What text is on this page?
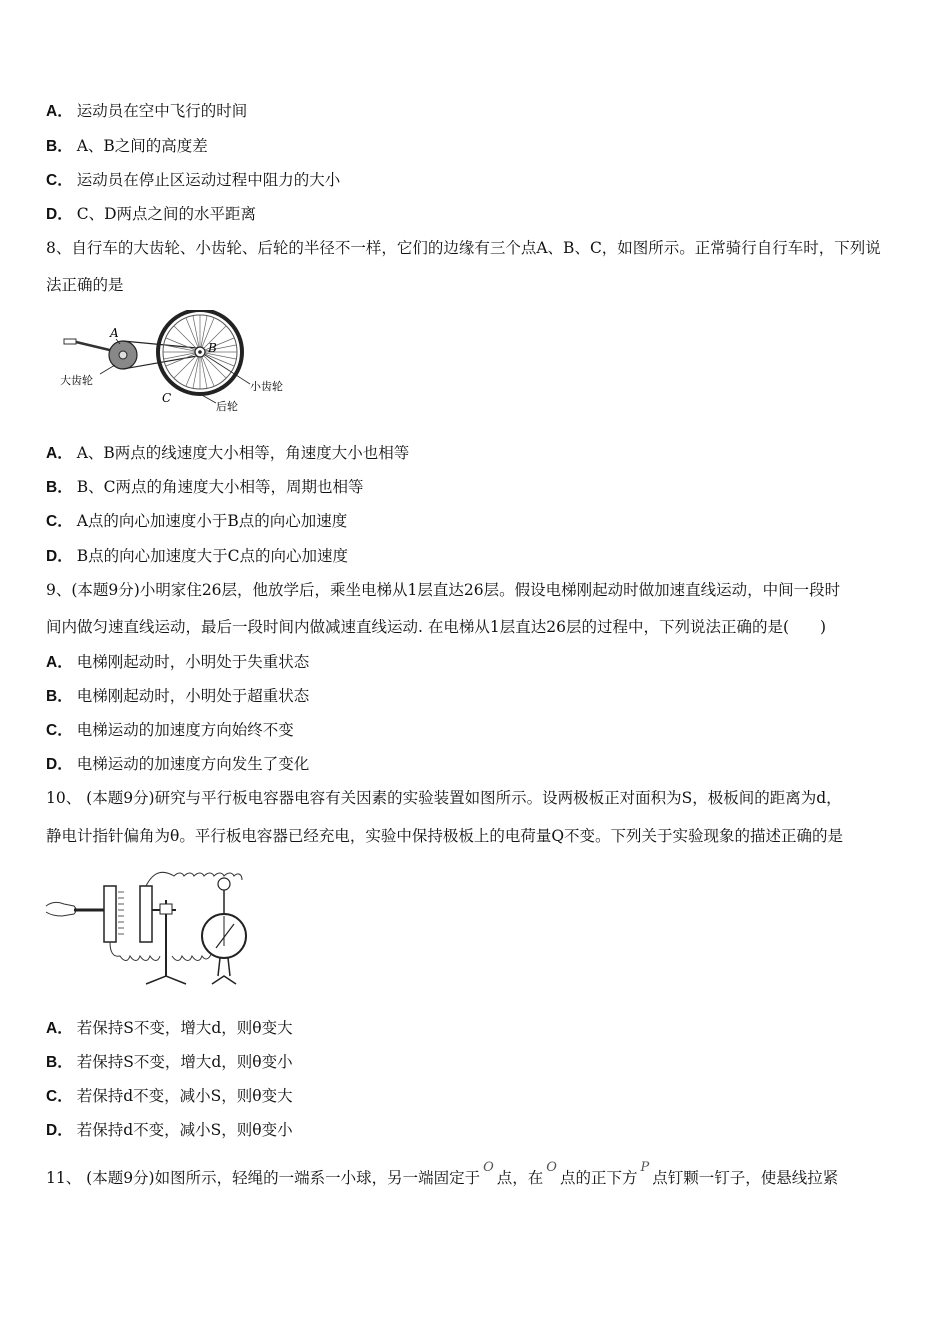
A． 运动员在空中飞行的时间
B． A、B之间的高度差
C． 运动员在停止区运动过程中阻力的大小
D． C、D两点之间的水平距离
8、自行车的大齿轮、小齿轮、后轮的半径不一样，它们的边缘有三个点A、B、C，如图所示。正常骑行自行车时，下列说
法正确的是
A
B
C
大齿轮	小齿轮
后轮
A． A、B两点的线速度大小相等，角速度大小也相等
B． B、C两点的角速度大小相等，周期也相等
C． A点的向心加速度小于B点的向心加速度
D． B点的向心加速度大于C点的向心加速度
9、(本题9分)小明家住26层，他放学后，乘坐电梯从1层直达26层。假设电梯刚起动时做加速直线运动，中间一段时
间内做匀速直线运动，最后一段时间内做减速直线运动. 在电梯从1层直达26层的过程中，下列说法正确的是(　　)
A． 电梯刚起动时，小明处于失重状态
B． 电梯刚起动时，小明处于超重状态
C． 电梯运动的加速度方向始终不变
D． 电梯运动的加速度方向发生了变化
10、 (本题9分)研究与平行板电容器电容有关因素的实验装置如图所示。设两极板正对面积为S，极板间的距离为d，
静电计指针偏角为θ。平行板电容器已经充电，实验中保持极板上的电荷量Q不变。下列关于实验现象的描述正确的是
A． 若保持S不变，增大d，则θ变大
B． 若保持S不变，增大d，则θ变小
C． 若保持d不变，减小S，则θ变大
D． 若保持d不变，减小S，则θ变小
11、 (本题9分)如图所示，轻绳的一端系一小球，另一端固定于$^O$点，在$^O$点的正下方$^P$点钉颗一钉子，使悬线拉紧
